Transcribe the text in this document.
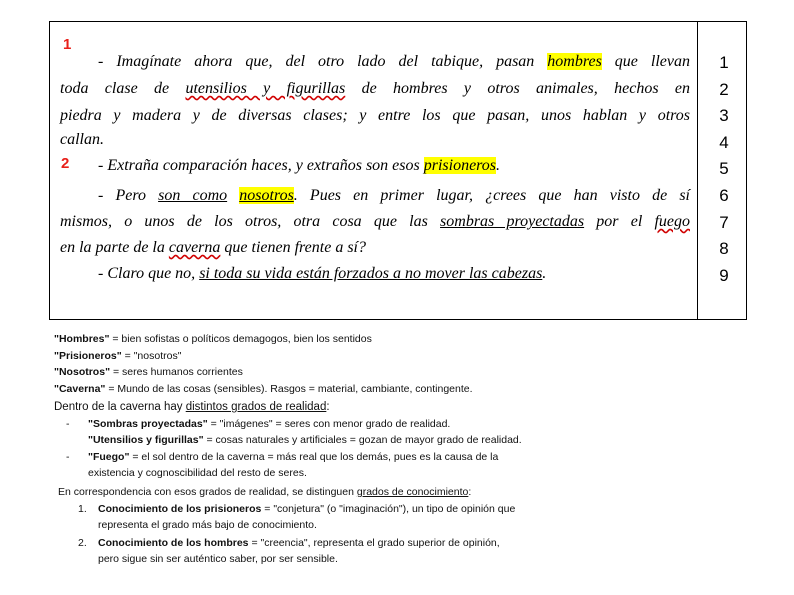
1
2
- Imagínate ahora que, del otro lado del tabique, pasan hombres que llevan
toda clase de utensilios y figurillas de hombres y otros animales, hechos en
piedra y madera y de diversas clases; y entre los que pasan, unos hablan y otros
callan.
- Extraña comparación haces, y extraños son esos prisioneros.
- Pero son como nosotros. Pues en primer lugar, ¿crees que han visto de sí
mismos, o unos de los otros, otra cosa que las sombras proyectadas por el fuego
en la parte de la caverna que tienen frente a sí?
- Claro que no, si toda su vida están forzados a no mover las cabezas.
1
2
3
4
5
6
7
8
9
"Hombres" = bien sofistas o políticos demagogos, bien los sentidos
"Prisioneros" = "nosotros"
"Nosotros" = seres humanos corrientes
"Caverna" = Mundo de las cosas (sensibles). Rasgos = material, cambiante, contingente.
Dentro de la caverna hay distintos grados de realidad:
- "Sombras proyectadas" = "imágenes" = seres con menor grado de realidad.
"Utensilios y figurillas" = cosas naturales y artificiales = gozan de mayor grado de realidad.
- "Fuego" = el sol dentro de la caverna = más real que los demás, pues es la causa de la
existencia y cognoscibilidad del resto de seres.
En correspondencia con esos grados de realidad, se distinguen grados de conocimiento:
1. Conocimiento de los prisioneros = "conjetura" (o "imaginación"), un tipo de opinión que
representa el grado más bajo de conocimiento.
2. Conocimiento de los hombres = "creencia", representa el grado superior de opinión,
pero sigue sin ser auténtico saber, por ser sensible.
